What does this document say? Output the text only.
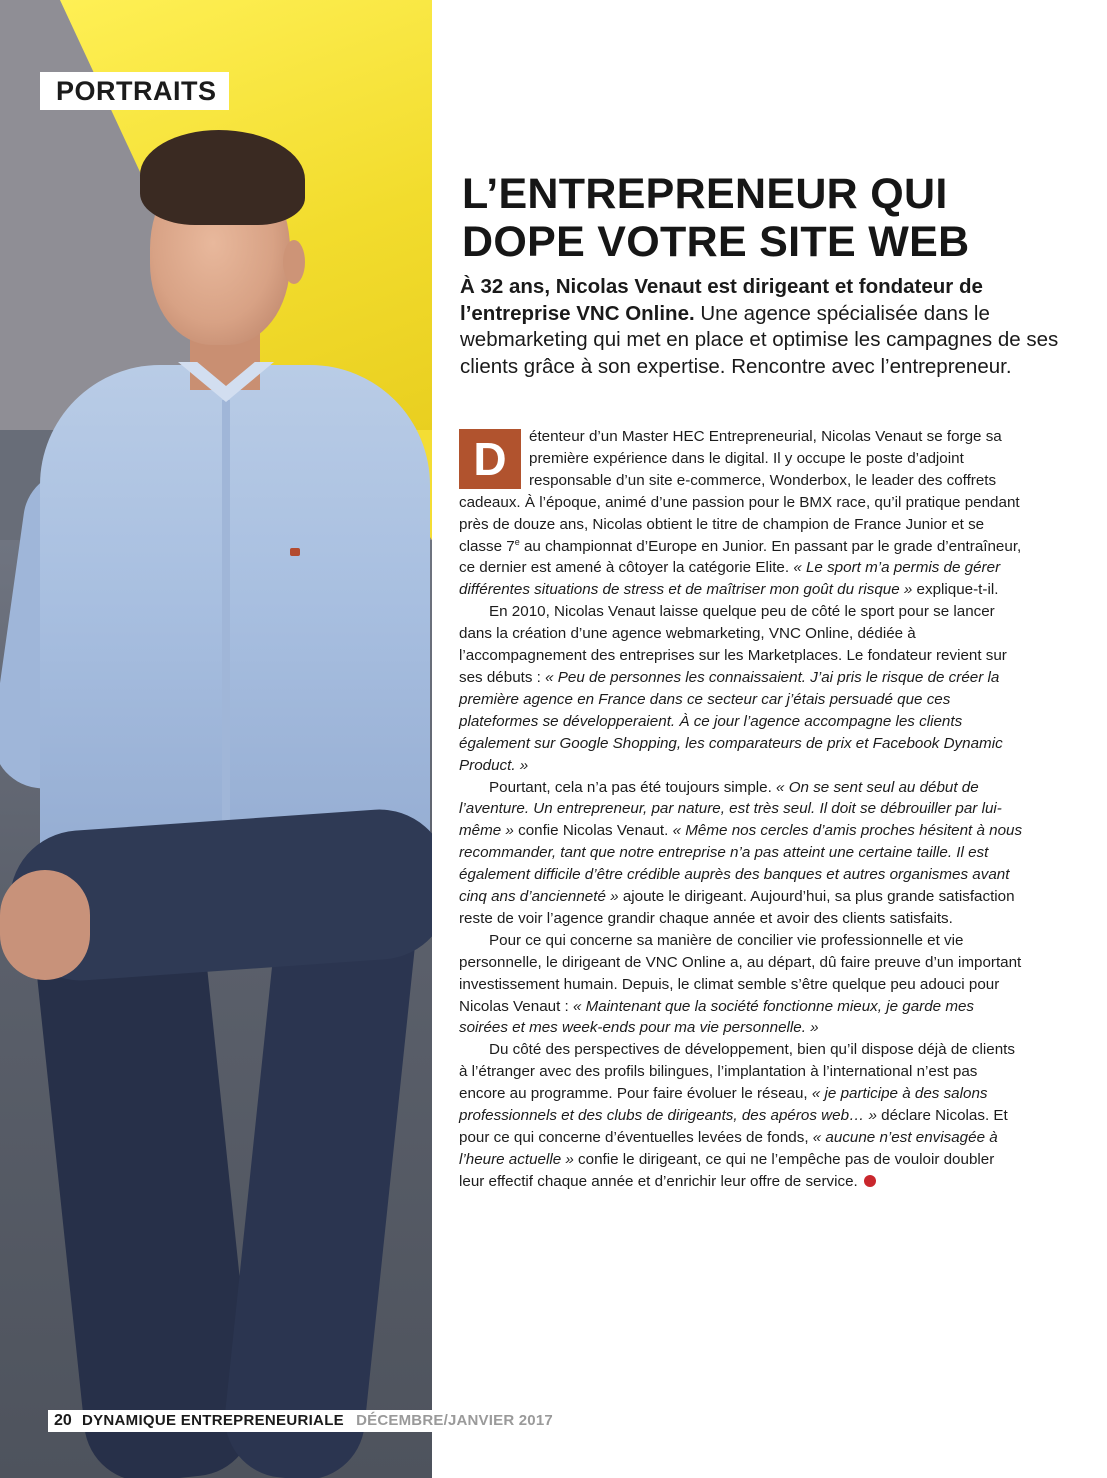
PORTRAITS
L’ENTREPRENEUR QUI
DOPE VOTRE SITE WEB

À 32 ans, Nicolas Venaut est dirigeant et fondateur de l’entreprise VNC Online. Une agence spécialisée dans le webmarketing qui met en place et optimise les campagnes de ses clients grâce à son expertise. Rencontre avec l’entrepreneur.

D	étenteur d’un Master HEC Entrepreneurial, Nicolas Venaut se forge sa première expérience dans le digital. Il y occupe le poste d’adjoint responsable d’un site e-commerce, Wonderbox, le leader des coffrets cadeaux. À l’époque, animé d’une passion pour le BMX race, qu’il pratique pendant près de douze ans, Nicolas obtient le titre de champion de France Junior et se classe 7e au championnat d’Europe en Junior. En passant par le grade d’entraîneur, ce dernier est amené à côtoyer la catégorie Elite. « Le sport m’a permis de gérer différentes situations de stress et de maîtriser mon goût du risque » explique-t-il.

En 2010, Nicolas Venaut laisse quelque peu de côté le sport pour se lancer dans la création d’une agence webmarketing, VNC Online, dédiée à l’accompagnement des entreprises sur les Marketplaces. Le fondateur revient sur ses débuts : « Peu de personnes les connaissaient. J’ai pris le risque de créer la première agence en France dans ce secteur car j’étais persuadé que ces plateformes se développeraient. À ce jour l’agence accompagne les clients également sur Google Shopping, les comparateurs de prix et Facebook Dynamic Product. »

Pourtant, cela n’a pas été toujours simple. « On se sent seul au début de l’aventure. Un entrepreneur, par nature, est très seul. Il doit se débrouiller par lui-même » confie Nicolas Venaut. « Même nos cercles d’amis proches hésitent à nous recommander, tant que notre entreprise n’a pas atteint une certaine taille. Il est également difficile d’être crédible auprès des banques et autres organismes avant cinq ans d’ancienneté » ajoute le dirigeant. Aujourd’hui, sa plus grande satisfaction reste de voir l’agence grandir chaque année et avoir des clients satisfaits.

Pour ce qui concerne sa manière de concilier vie professionnelle et vie personnelle, le dirigeant de VNC Online a, au départ, dû faire preuve d’un important investissement humain. Depuis, le climat semble s’être quelque peu adouci pour Nicolas Venaut : « Maintenant que la société fonctionne mieux, je garde mes soirées et mes week-ends pour ma vie personnelle. »

Du côté des perspectives de développement, bien qu’il dispose déjà de clients à l’étranger avec des profils bilingues, l’implantation à l’international n’est pas encore au programme. Pour faire évoluer le réseau, « je participe à des salons professionnels et des clubs de dirigeants, des apéros web… » déclare Nicolas. Et pour ce qui concerne d’éventuelles levées de fonds, « aucune n’est envisagée à l’heure actuelle » confie le dirigeant, ce qui ne l’empêche pas de vouloir doubler leur effectif chaque année et d’enrichir leur offre de service.

20 DYNAMIQUE ENTREPRENEURIALE DÉCEMBRE/JANVIER 2017
